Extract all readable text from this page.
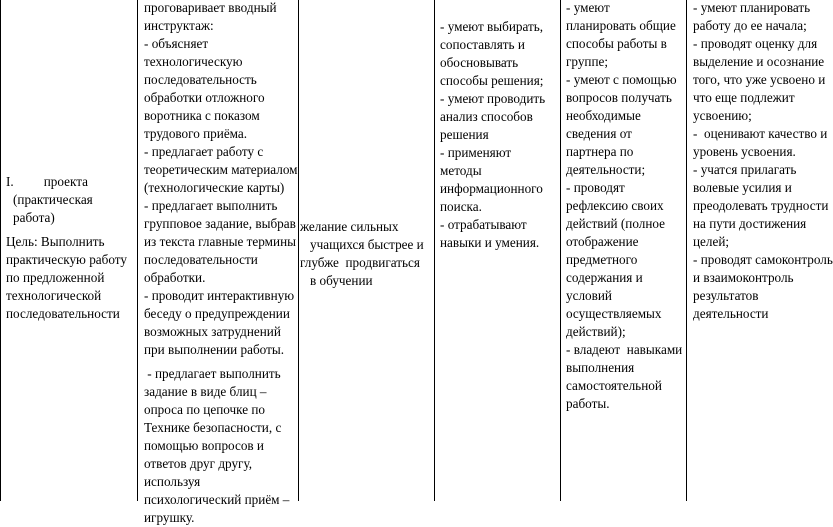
I. проекта
(практическая
работа)
Цель: Выполнить
практическую работу
по предложенной
технологической
последовательности
проговаривает вводный
инструктаж:
- объясняет
технологическую
последовательность
обработки отложного
воротника с показом
трудового приёма.
- предлагает работу с
теоретическим материалом
(технологические карты)
- предлагает выполнить
групповое задание, выбрав
из текста главные термины
последовательности
обработки.
- проводит интерактивную
беседу о предупреждении
возможных затруднений
при выполнении работы.
- предлагает выполнить
задание в виде блиц –
опроса по цепочке по
Технике безопасности, с
помощью вопросов и
ответов друг другу,
используя
психологический приём –
игрушку.
желание сильных
учащихся быстрее и
глубже  продвигаться
в обучении
- умеют выбирать,
сопоставлять и
обосновывать
способы решения;
- умеют проводить
анализ способов
решения
- применяют
методы
информационного
поиска.
- отрабатывают
навыки и умения.
- умеют
планировать общие
способы работы в
группе;
- умеют с помощью
вопросов получать
необходимые
сведения от
партнера по
деятельности;
- проводят
рефлексию своих
действий (полное
отображение
предметного
содержания и
условий
осуществляемых
действий);
- владеют  навыками
выполнения
самостоятельной
работы.
- умеют планировать
работу до ее начала;
- проводят оценку для
выделение и осознание
того, что уже усвоено и
что еще подлежит
усвоению;
-  оценивают качество и
уровень усвоения.
- учатся прилагать
волевые усилия и
преодолевать трудности
на пути достижения
целей;
- проводят самоконтроль
и взаимоконтроль
результатов
деятельности
